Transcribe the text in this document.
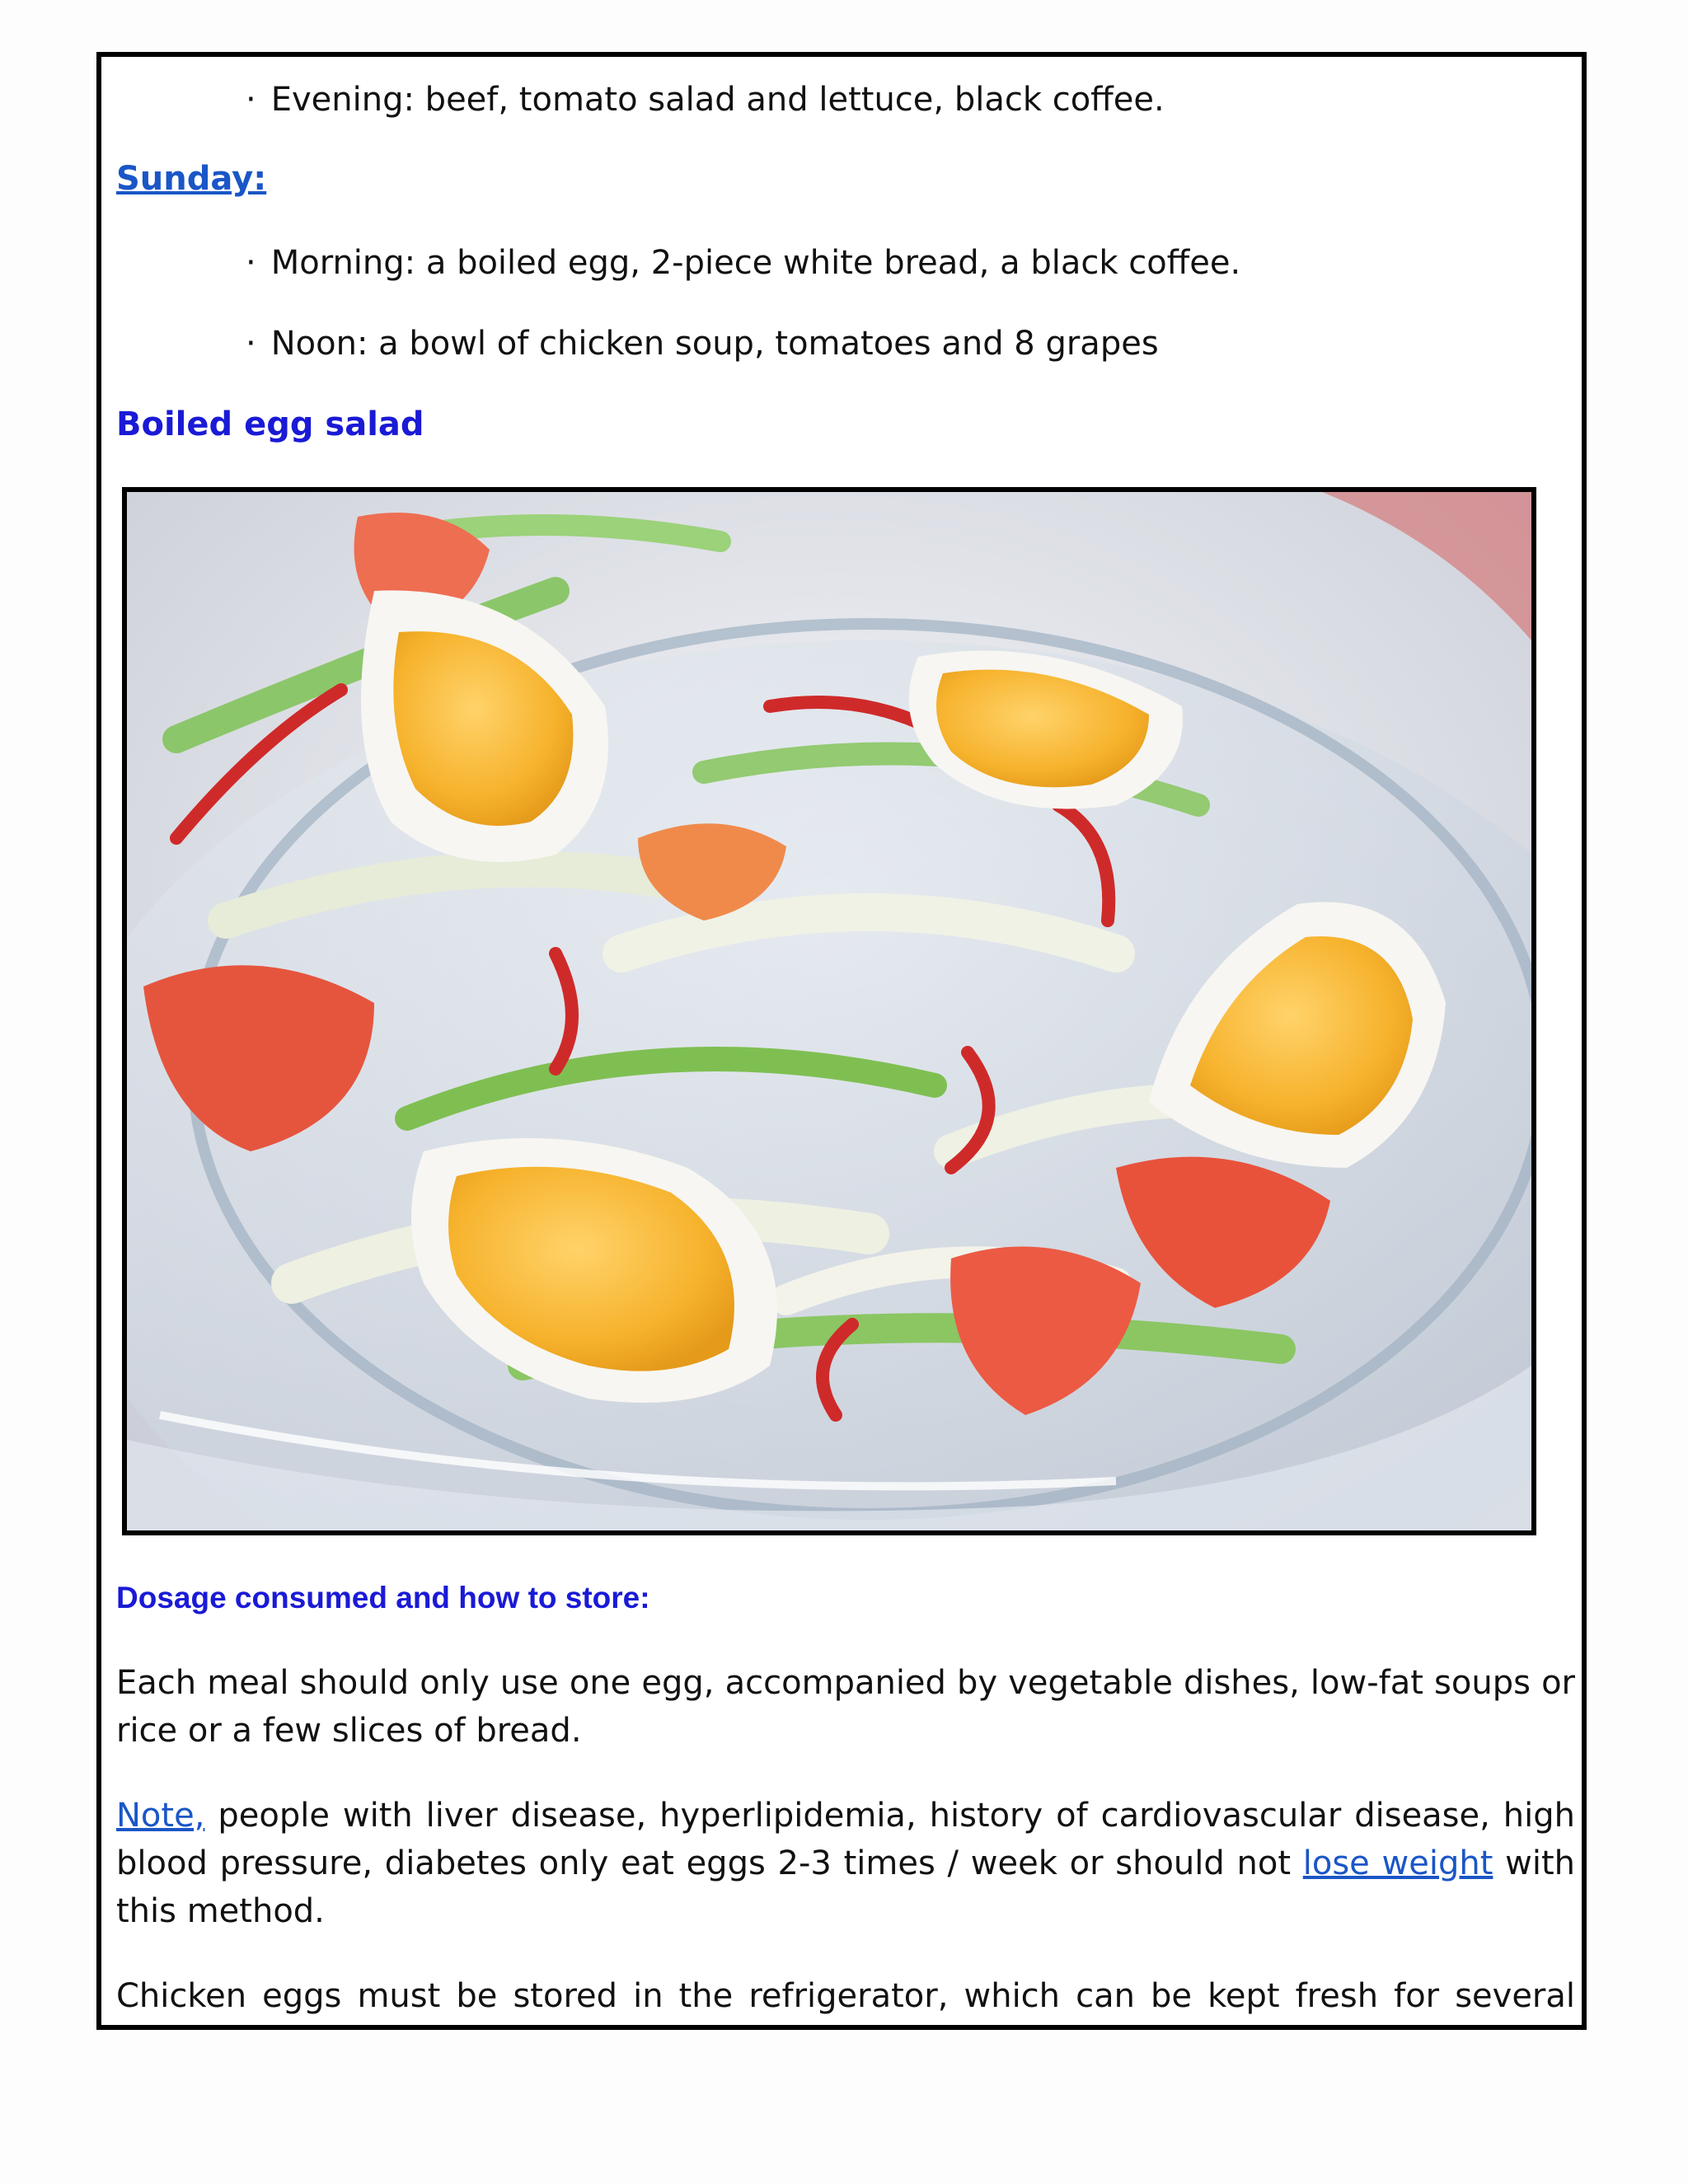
· Evening: beef, tomato salad and lettuce, black coffee.
Sunday:
· Morning: a boiled egg, 2-piece white bread, a black coffee.
· Noon: a bowl of chicken soup, tomatoes and 8 grapes
Boiled egg salad
Dosage consumed and how to store:

Each meal should only use one egg, accompanied by vegetable dishes, low-fat soups or rice or a few slices of bread.

Note, people with liver disease, hyperlipidemia, history of cardiovascular disease, high blood pressure, diabetes only eat eggs 2-3 times / week or should not lose weight with this method.

Chicken eggs must be stored in the refrigerator, which can be kept fresh for several
